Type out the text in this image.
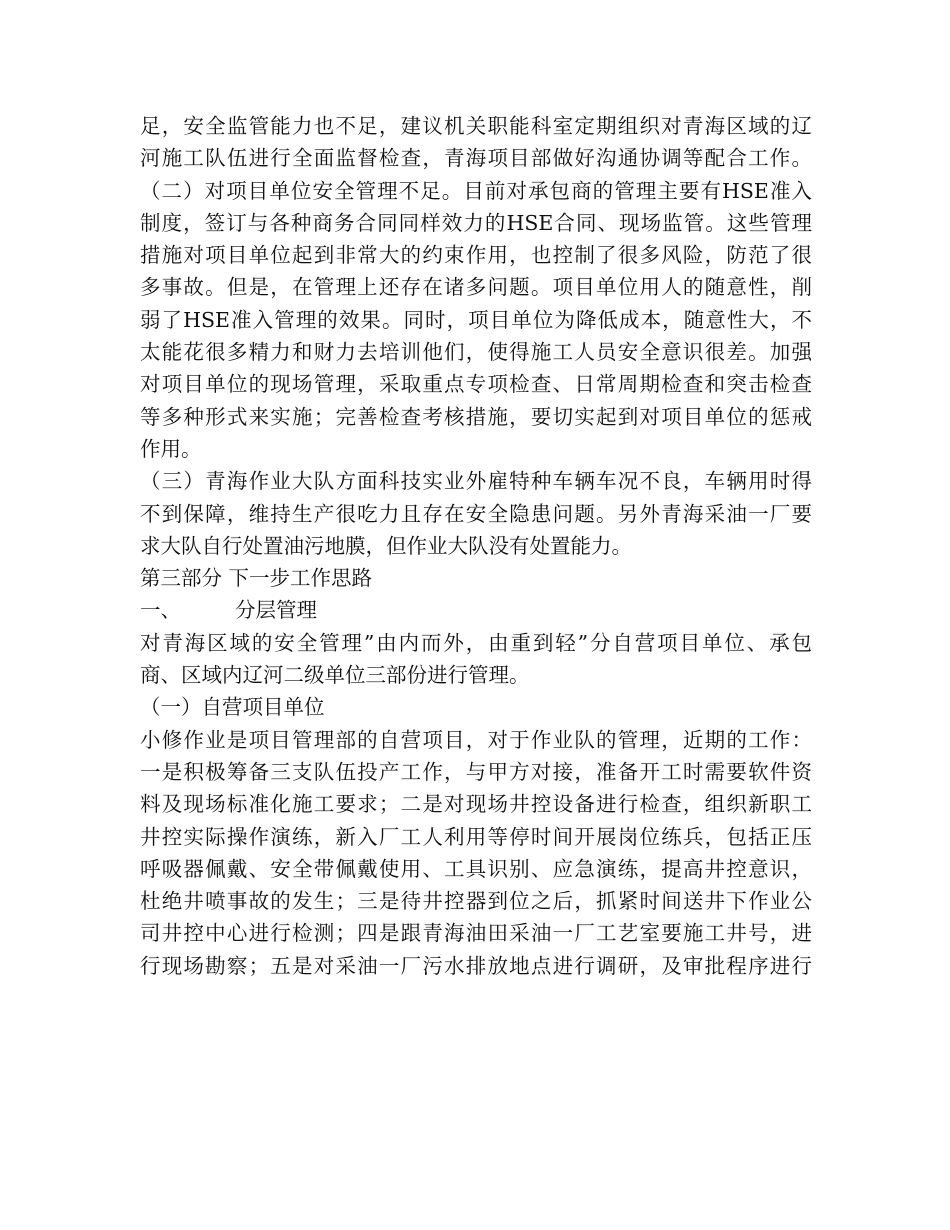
足，安全监管能力也不足，建议机关职能科室定期组织对青海区域的辽
河施工队伍进行全面监督检查，青海项目部做好沟通协调等配合工作。
（二）对项目单位安全管理不足。目前对承包商的管理主要有HSE准入
制度，签订与各种商务合同同样效力的HSE合同、现场监管。这些管理
措施对项目单位起到非常大的约束作用，也控制了很多风险，防范了很
多事故。但是，在管理上还存在诸多问题。项目单位用人的随意性，削
弱了HSE准入管理的效果。同时，项目单位为降低成本，随意性大，不
太能花很多精力和财力去培训他们，使得施工人员安全意识很差。加强
对项目单位的现场管理，采取重点专项检查、日常周期检查和突击检查
等多种形式来实施；完善检查考核措施，要切实起到对项目单位的惩戒
作用。
（三）青海作业大队方面科技实业外雇特种车辆车况不良，车辆用时得
不到保障，维持生产很吃力且存在安全隐患问题。另外青海采油一厂要
求大队自行处置油污地膜，但作业大队没有处置能力。
第三部分 下一步工作思路
一、	分层管理
对青海区域的安全管理”由内而外，由重到轻”分自营项目单位、承包
商、区域内辽河二级单位三部份进行管理。
（一）自营项目单位
小修作业是项目管理部的自营项目，对于作业队的管理，近期的工作：
一是积极筹备三支队伍投产工作，与甲方对接，准备开工时需要软件资
料及现场标准化施工要求；二是对现场井控设备进行检查，组织新职工
井控实际操作演练，新入厂工人利用等停时间开展岗位练兵，包括正压
呼吸器佩戴、安全带佩戴使用、工具识别、应急演练，提高井控意识，
杜绝井喷事故的发生；三是待井控器到位之后，抓紧时间送井下作业公
司井控中心进行检测；四是跟青海油田采油一厂工艺室要施工井号，进
行现场勘察；五是对采油一厂污水排放地点进行调研，及审批程序进行
